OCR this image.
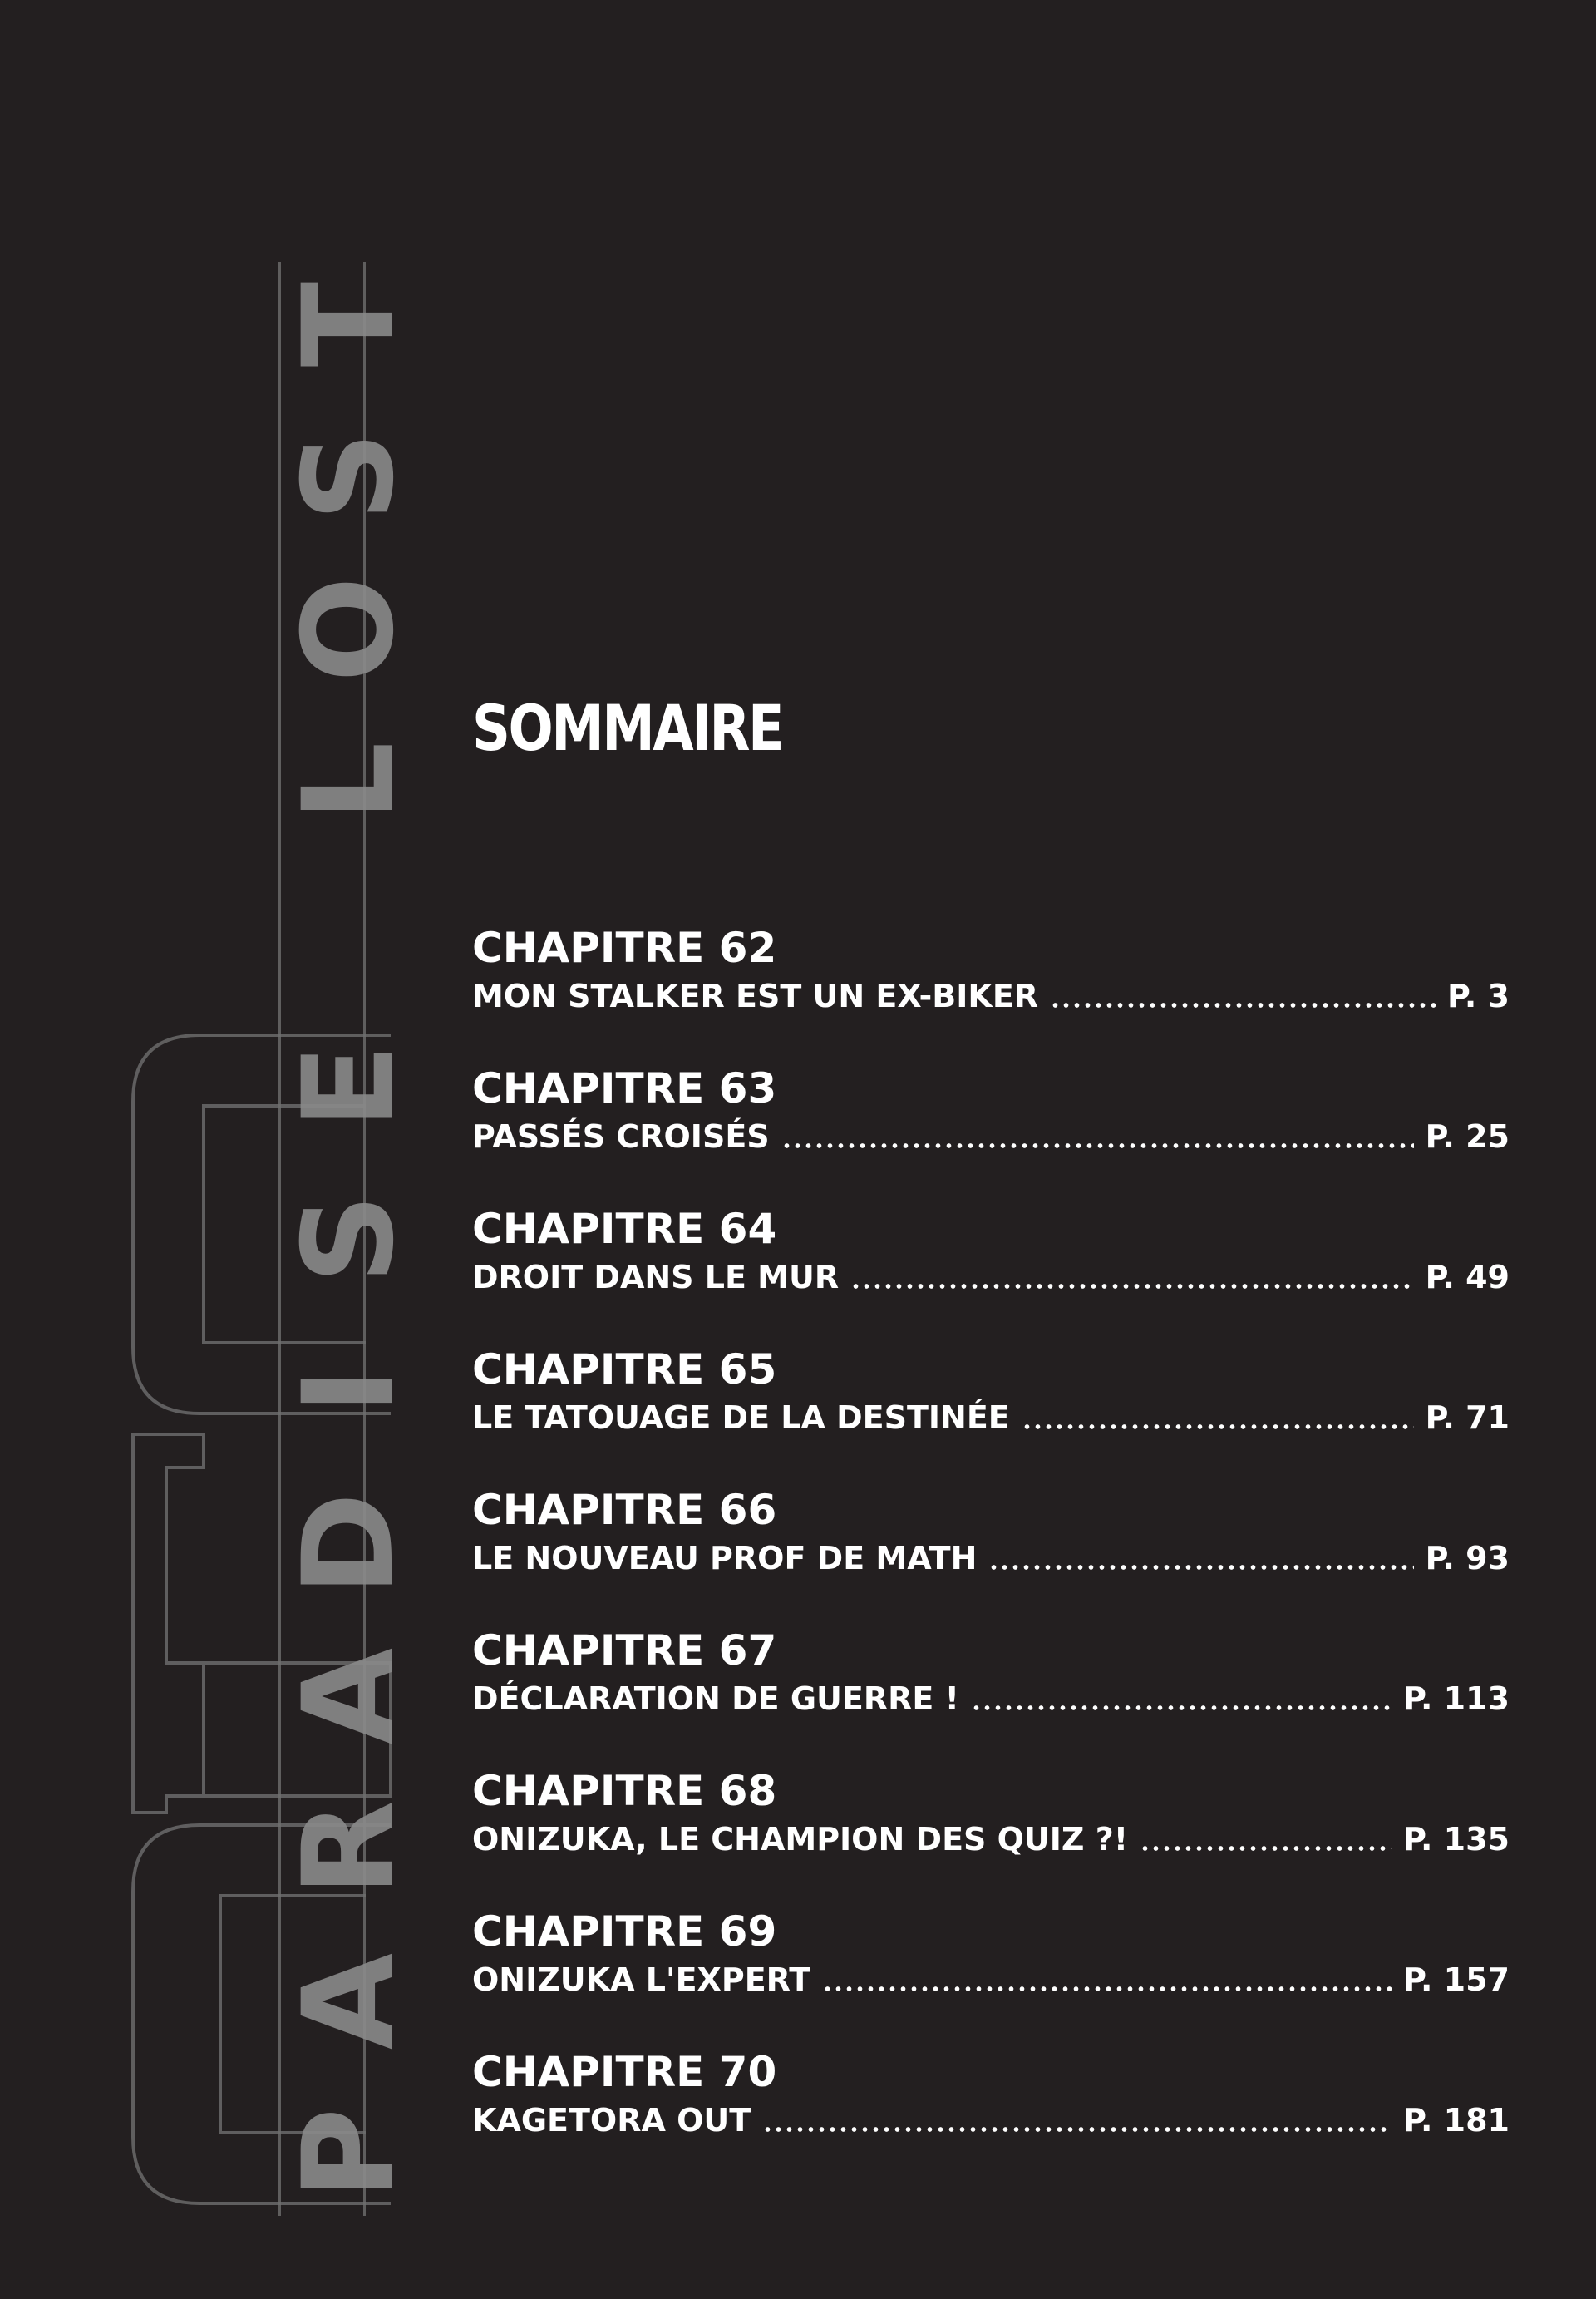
T
S
O
L
E
S
I
D
A
R
A
P
SOMMAIRE
CHAPITRE 62
MON STALKER EST UN EX-BIKER	P. 3
CHAPITRE 63
PASSÉS CROISÉS	P. 25
CHAPITRE 64
DROIT DANS LE MUR	P. 49
CHAPITRE 65
LE TATOUAGE DE LA DESTINÉE	P. 71
CHAPITRE 66
LE NOUVEAU PROF DE MATH	P. 93
CHAPITRE 67
DÉCLARATION DE GUERRE !	P. 113
CHAPITRE 68
ONIZUKA, LE CHAMPION DES QUIZ ?!	P. 135
CHAPITRE 69
ONIZUKA L'EXPERT	P. 157
CHAPITRE 70
KAGETORA OUT	P. 181
